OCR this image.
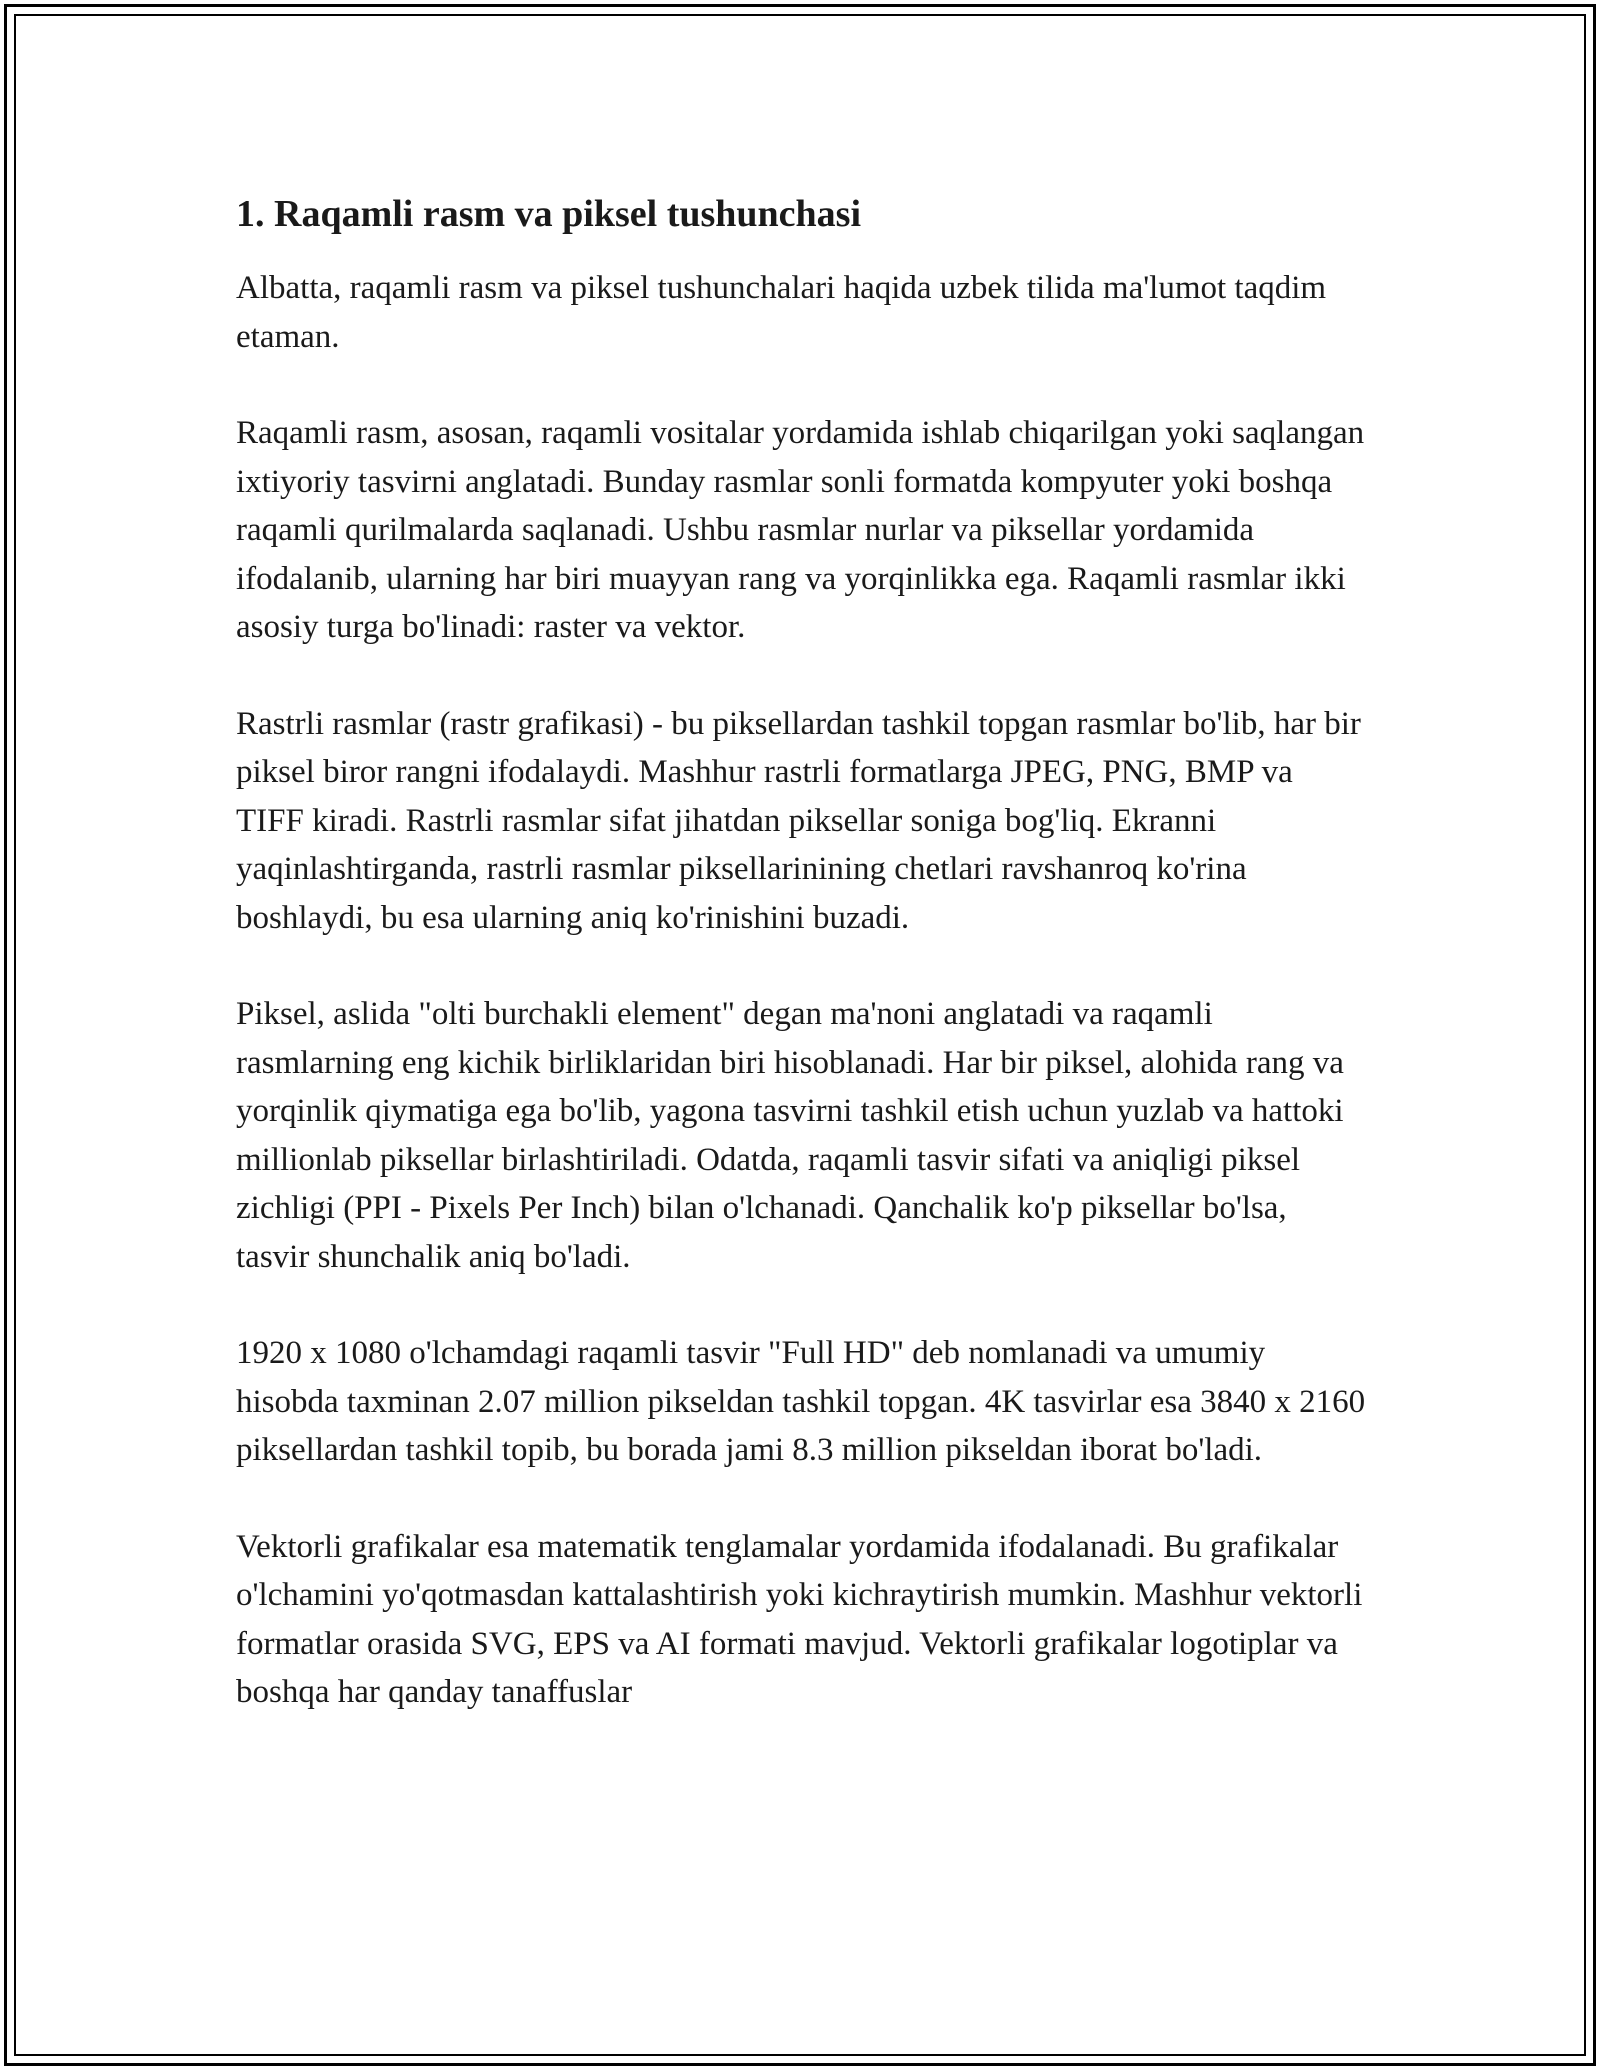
1. Raqamli rasm va piksel tushunchasi

Albatta, raqamli rasm va piksel tushunchalari haqida uzbek tilida ma'lumot taqdim etaman.

Raqamli rasm, asosan, raqamli vositalar yordamida ishlab chiqarilgan yoki saqlangan ixtiyoriy tasvirni anglatadi. Bunday rasmlar sonli formatda kompyuter yoki boshqa raqamli qurilmalarda saqlanadi. Ushbu rasmlar nurlar va piksellar yordamida ifodalanib, ularning har biri muayyan rang va yorqinlikka ega. Raqamli rasmlar ikki asosiy turga bo'linadi: raster va vektor.

Rastrli rasmlar (rastr grafikasi) - bu piksellardan tashkil topgan rasmlar bo'lib, har bir piksel biror rangni ifodalaydi. Mashhur rastrli formatlarga JPEG, PNG, BMP va TIFF kiradi. Rastrli rasmlar sifat jihatdan piksellar soniga bog'liq. Ekranni yaqinlashtirganda, rastrli rasmlar piksellarinining chetlari ravshanroq ko'rina boshlaydi, bu esa ularning aniq ko'rinishini buzadi.

Piksel, aslida "olti burchakli element" degan ma'noni anglatadi va raqamli rasmlarning eng kichik birliklaridan biri hisoblanadi. Har bir piksel, alohida rang va yorqinlik qiymatiga ega bo'lib, yagona tasvirni tashkil etish uchun yuzlab va hattoki millionlab piksellar birlashtiriladi. Odatda, raqamli tasvir sifati va aniqligi piksel zichligi (PPI - Pixels Per Inch) bilan o'lchanadi. Qanchalik ko'p piksellar bo'lsa, tasvir shunchalik aniq bo'ladi.

1920 x 1080 o'lchamdagi raqamli tasvir "Full HD" deb nomlanadi va umumiy hisobda taxminan 2.07 million pikseldan tashkil topgan. 4K tasvirlar esa 3840 x 2160 piksellardan tashkil topib, bu borada jami 8.3 million pikseldan iborat bo'ladi.

Vektorli grafikalar esa matematik tenglamalar yordamida ifodalanadi. Bu grafikalar o'lchamini yo'qotmasdan kattalashtirish yoki kichraytirish mumkin. Mashhur vektorli formatlar orasida SVG, EPS va AI formati mavjud. Vektorli grafikalar logotiplar va boshqa har qanday tanaffuslar
